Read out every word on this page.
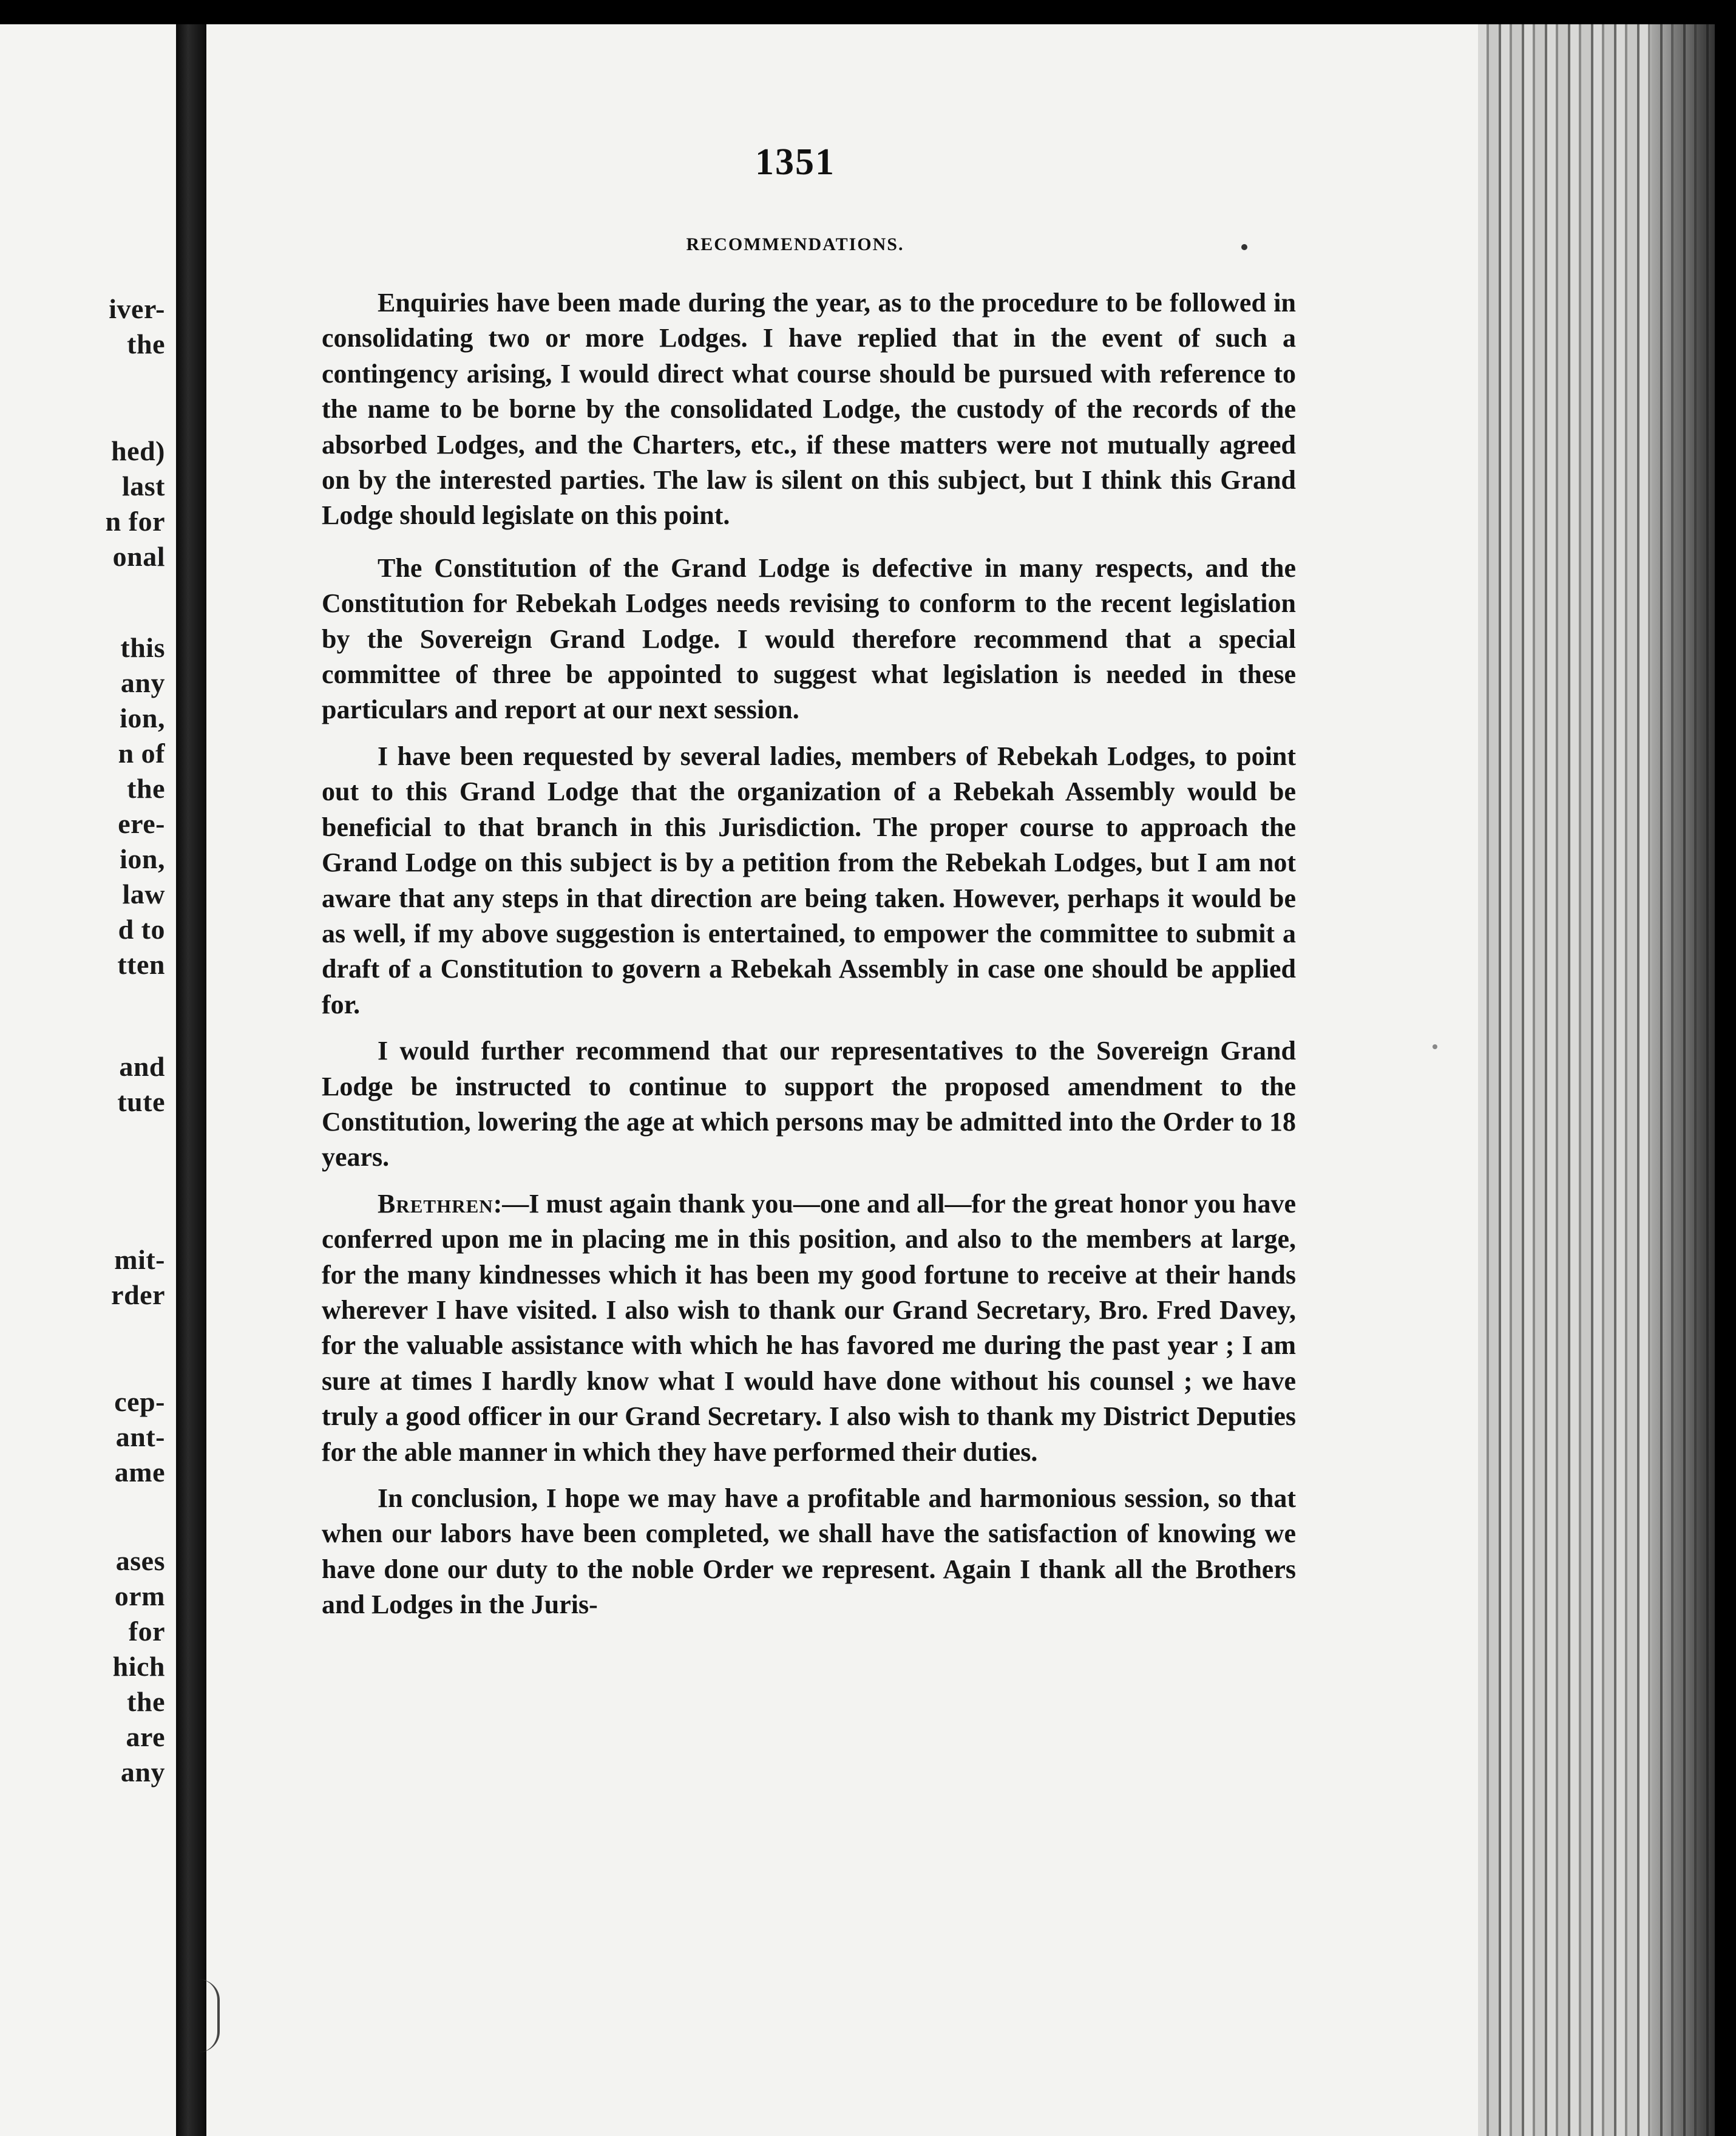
iver-
the
hed)
last
n for
onal
this
any
ion,
n of
the
ere-
ion,
law
d to
tten
and
tute
mit-
rder
cep-
ant-
ame
ases
orm
for
hich
the
are
any
1351
RECOMMENDATIONS.

Enquiries have been made during the year, as to the procedure to be followed in consolidating two or more Lodges. I have replied that in the event of such a contingency arising, I would direct what course should be pursued with reference to the name to be borne by the consolidated Lodge, the custody of the records of the absorbed Lodges, and the Charters, etc., if these matters were not mutually agreed on by the interested parties. The law is silent on this subject, but I think this Grand Lodge should legislate on this point.

The Constitution of the Grand Lodge is defective in many respects, and the Constitution for Rebekah Lodges needs revising to conform to the recent legislation by the Sovereign Grand Lodge. I would therefore recommend that a special committee of three be appointed to suggest what legislation is needed in these particulars and report at our next session.

I have been requested by several ladies, members of Rebekah Lodges, to point out to this Grand Lodge that the organization of a Rebekah Assembly would be beneficial to that branch in this Jurisdiction. The proper course to approach the Grand Lodge on this subject is by a petition from the Rebekah Lodges, but I am not aware that any steps in that direction are being taken. However, perhaps it would be as well, if my above suggestion is entertained, to empower the committee to submit a draft of a Constitution to govern a Rebekah Assembly in case one should be applied for.

I would further recommend that our representatives to the Sovereign Grand Lodge be instructed to continue to support the proposed amendment to the Constitution, lowering the age at which persons may be admitted into the Order to 18 years.

Brethren:—I must again thank you—one and all—for the great honor you have conferred upon me in placing me in this position, and also to the members at large, for the many kindnesses which it has been my good fortune to receive at their hands wherever I have visited. I also wish to thank our Grand Secretary, Bro. Fred Davey, for the valuable assistance with which he has favored me during the past year ; I am sure at times I hardly know what I would have done without his counsel ; we have truly a good officer in our Grand Secretary. I also wish to thank my District Deputies for the able manner in which they have performed their duties.

In conclusion, I hope we may have a profitable and harmonious session, so that when our labors have been completed, we shall have the satisfaction of knowing we have done our duty to the noble Order we represent. Again I thank all the Brothers and Lodges in the Juris-
